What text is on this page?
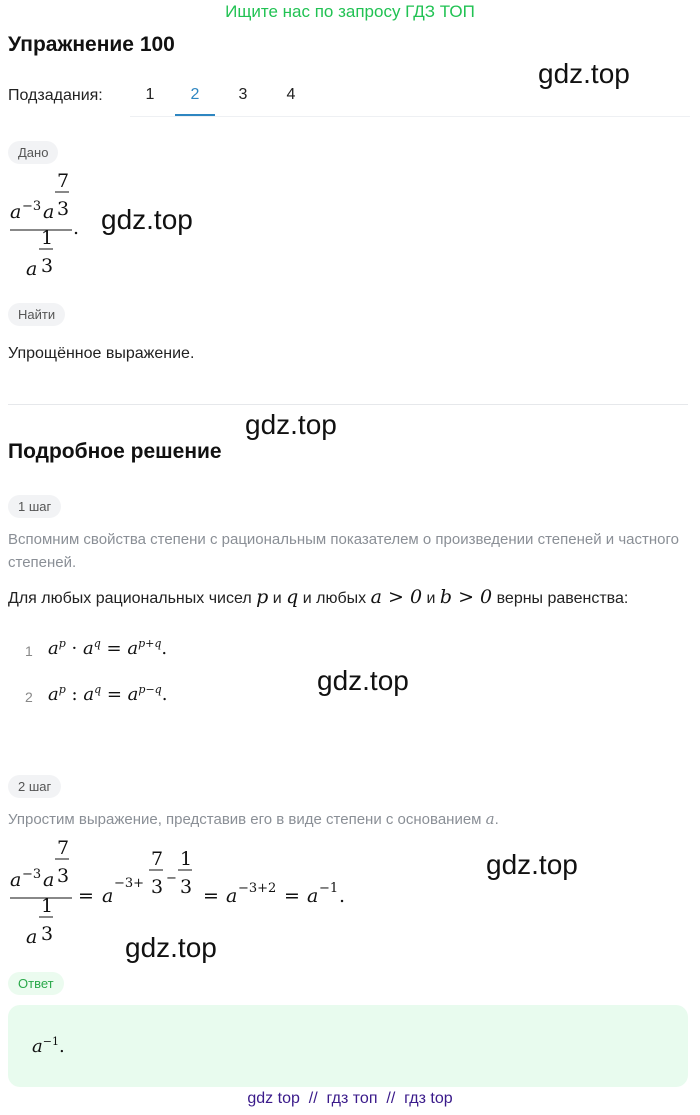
Ищите нас по запросу ГДЗ ТОП
Упражнение 100
gdz.top
gdz.top
gdz.top
gdz.top
gdz.top
gdz.top
Подзадания:	1	2	3	4
Дано
a −3 a
7
3
.
a
1
3
Найти
Упрощённое выражение.
Подробное решение
1 шаг
Вспомним свойства степени с рациональным показателем о произведении степеней и частного степеней.
Для любых рациональных чисел p и q и любых a > 0 и b > 0 верны равенства:
1 $a^p \cdot a^q = a^{p+q}$.
2 $a^p$ : $a^q = a^{p-q}$.
2 шаг
Упростим выражение, представив его в виде степени с основанием a.
a −3 a
7
3
a
1
3
= a
−3+
7
3 −
1
3 = a −3+2 = a −1 .
Ответ
$a^{-1}$.
gdz top  //  гдз топ  //  гдз top
